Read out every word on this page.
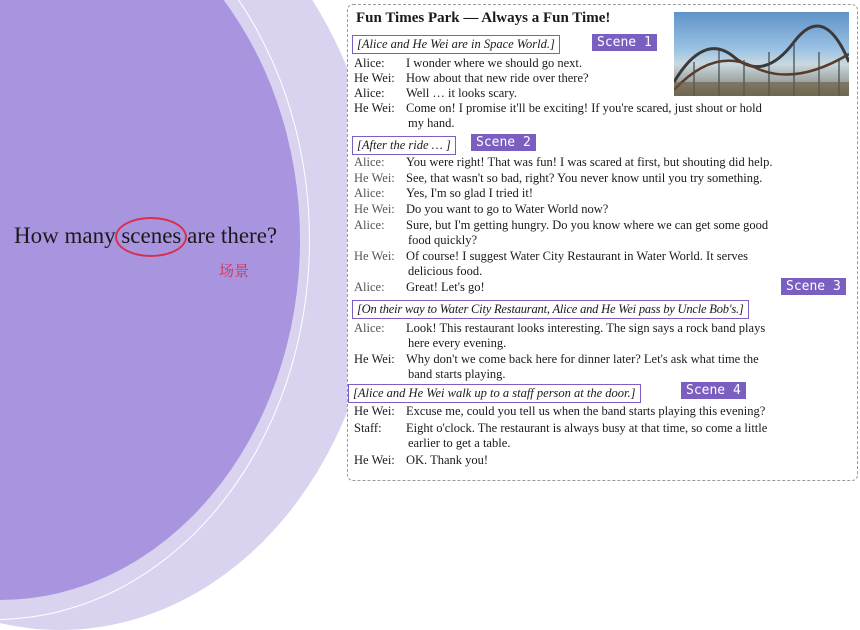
How many scenes are there?
场景
Fun Times Park — Always a Fun Time!
[Alice and He Wei are in Space World.]	Scene 1
Alice: I wonder where we should go next.
He Wei: How about that new ride over there?
Alice: Well … it looks scary.
He Wei: Come on! I promise it'll be exciting! If you're scared, just shout or hold
my hand.
[After the ride … ]	Scene 2
Alice: You were right! That was fun! I was scared at first, but shouting did help.
He Wei: See, that wasn't so bad, right? You never know until you try something.
Alice: Yes, I'm so glad I tried it!
He Wei: Do you want to go to Water World now?
Alice: Sure, but I'm getting hungry. Do you know where we can get some good
food quickly?
He Wei: Of course! I suggest Water City Restaurant in Water World. It serves
delicious food.
Alice: Great! Let's go!	Scene 3
[On their way to Water City Restaurant, Alice and He Wei pass by Uncle Bob's.]
Alice: Look! This restaurant looks interesting. The sign says a rock band plays
here every evening.
He Wei: Why don't we come back here for dinner later? Let's ask what time the
band starts playing.
[Alice and He Wei walk up to a staff person at the door.]	Scene 4
He Wei: Excuse me, could you tell us when the band starts playing this evening?
Staff: Eight o'clock. The restaurant is always busy at that time, so come a little
earlier to get a table.
He Wei: OK. Thank you!
